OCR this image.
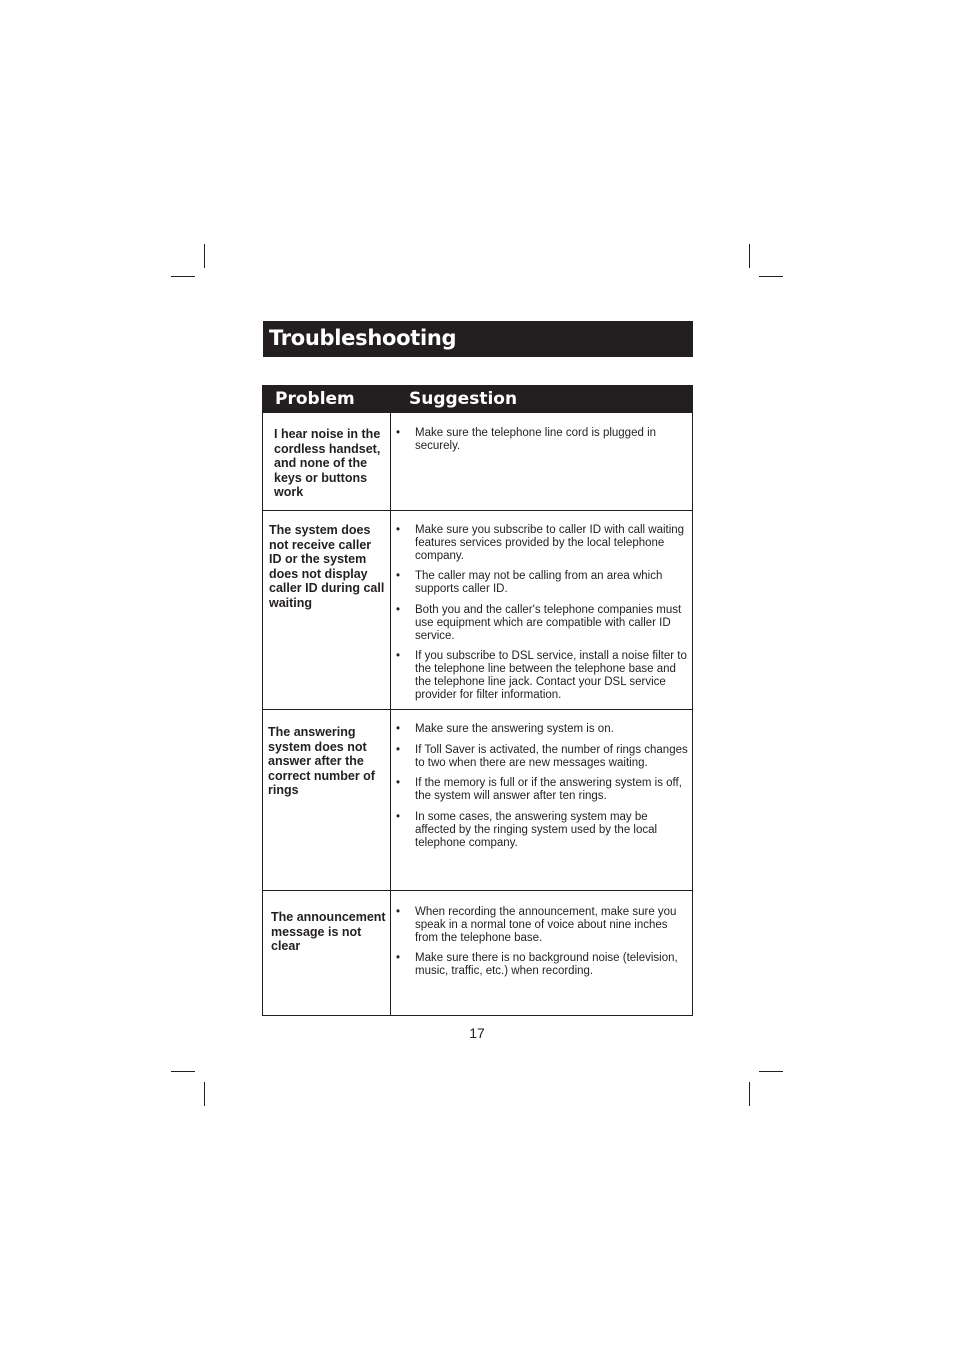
Troubleshooting
Problem	Suggestion
I hear noise in the cordless handset, and none of the keys or buttons work
• Make sure the telephone line cord is plugged in securely.
The system does not receive caller ID or the system does not display caller ID during call waiting
• Make sure you subscribe to caller ID with call waiting features services provided by the local telephone company.
• The caller may not be calling from an area which supports caller ID.
• Both you and the caller's telephone companies must use equipment which are compatible with caller ID service.
• If you subscribe to DSL service, install a noise filter to the telephone line between the telephone base and the telephone line jack. Contact your DSL service provider for filter information.
The answering system does not answer after the correct number of rings
• Make sure the answering system is on.
• If Toll Saver is activated, the number of rings changes to two when there are new messages waiting.
• If the memory is full or if the answering system is off, the system will answer after ten rings.
• In some cases, the answering system may be affected by the ringing system used by the local telephone company.
The announcement message is not clear
• When recording the announcement, make sure you speak in a normal tone of voice about nine inches from the telephone base.
• Make sure there is no background noise (television, music, traffic, etc.) when recording.
17
